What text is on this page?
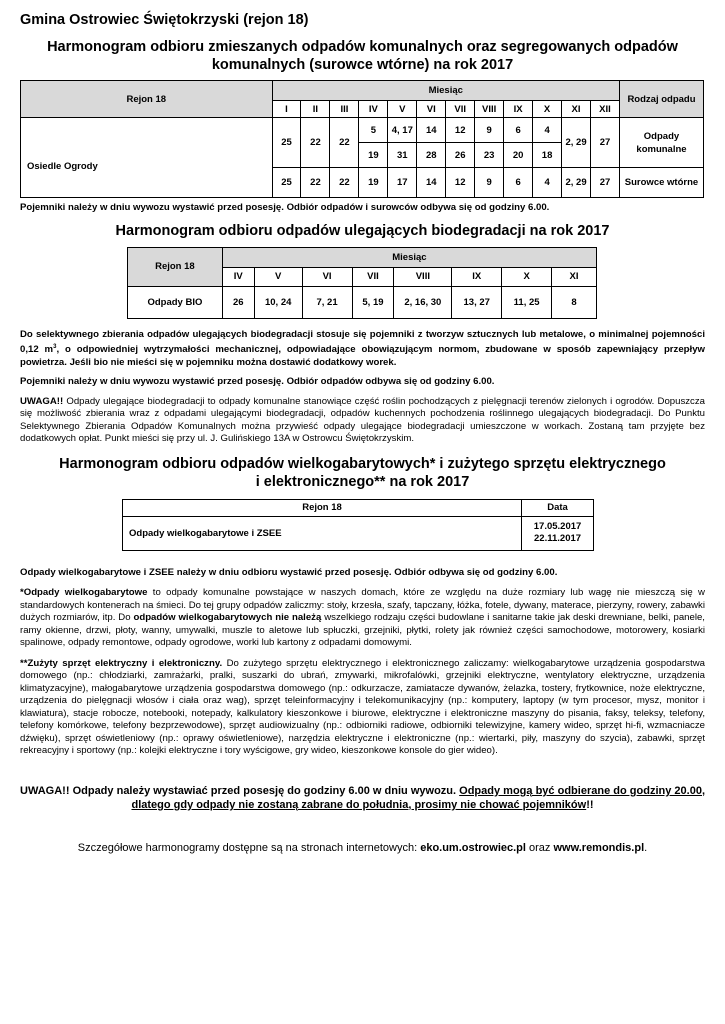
Gmina Ostrowiec Świętokrzyski (rejon 18)
Harmonogram odbioru zmieszanych odpadów komunalnych oraz segregowanych odpadów
komunalnych (surowce wtórne) na rok 2017
Rejon 18	Miesiąc												Rodzaj odpadu
	I	II	III	IV	V	VI	VII	VIII	IX	X	XI	XII	
Osiedle Ogrody	25	22	22	5	4, 17	14	12	9	6	4	2, 29	27	Odpady komunalne
				19	31	28	26	23	20	18			
	25	22	22	19	17	14	12	9	6	4	2, 29	27	Surowce wtórne

Pojemniki należy w dniu wywozu wystawić przed posesję. Odbiór odpadów i surowców odbywa się od godziny 6.00.

Harmonogram odbioru odpadów ulegających biodegradacji na rok 2017
Rejon 18	Miesiąc							
	IV	V	VI	VII	VIII	IX	X	XI
Odpady BIO	26	10, 24	7, 21	5, 19	2, 16, 30	13, 27	11, 25	8

Do selektywnego zbierania odpadów ulegających biodegradacji stosuje się pojemniki z tworzyw sztucznych lub metalowe, o minimalnej pojemności 0,12 $m^3$, o odpowiedniej wytrzymałości mechanicznej, odpowiadające obowiązującym normom, zbudowane w sposób zapewniający przepływ powietrza. Jeśli bio nie mieści się w pojemniku można dostawić dodatkowy worek.

Pojemniki należy w dniu wywozu wystawić przed posesję. Odbiór odpadów odbywa się od godziny 6.00.

UWAGA!! Odpady ulegające biodegradacji to odpady komunalne stanowiące część roślin pochodzących z pielęgnacji terenów zielonych i ogrodów. Dopuszcza się możliwość zbierania wraz z odpadami ulegającymi biodegradacji, odpadów kuchennych pochodzenia roślinnego ulegających biodegradacji. Do Punktu Selektywnego Zbierania Odpadów Komunalnych można przywieść odpady ulegające biodegradacji umieszczone w workach. Zostaną tam przyjęte bez dodatkowych opłat. Punkt mieści się przy ul. J. Gulińskiego 13A w Ostrowcu Świętokrzyskim.

Harmonogram odbioru odpadów wielkogabarytowych* i zużytego sprzętu elektrycznego
i elektronicznego** na rok 2017
Rejon 18	Data
Odpady wielkogabarytowe i ZSEE	17.05.2017
22.11.2017

Odpady wielkogabarytowe i ZSEE należy w dniu odbioru wystawić przed posesję. Odbiór odbywa się od godziny 6.00.

*Odpady wielkogabarytowe to odpady komunalne powstające w naszych domach, które ze względu na duże rozmiary lub wagę nie mieszczą się w standardowych kontenerach na śmieci. Do tej grupy odpadów zaliczmy: stoły, krzesła, szafy, tapczany, łóżka, fotele, dywany, materace, pierzyny, rowery, zabawki dużych rozmiarów, itp. Do odpadów wielkogabarytowych nie należą wszelkiego rodzaju części budowlane i sanitarne takie jak deski drewniane, belki, panele, ramy okienne, drzwi, płoty, wanny, umywalki, muszle to aletowe lub spłuczki, grzejniki, płytki, rolety jak również części samochodowe, motorowery, kosiarki spalinowe, odpady remontowe, odpady ogrodowe, worki lub kartony z odpadami domowymi.

**Zużyty sprzęt elektryczny i elektroniczny. Do zużytego sprzętu elektrycznego i elektronicznego zaliczamy: wielkogabarytowe urządzenia gospodarstwa domowego (np.: chłodziarki, zamrażarki, pralki, suszarki do ubrań, zmywarki, mikrofalówki, grzejniki elektryczne, wentylatory elektryczne, urządzenia klimatyzacyjne), małogabarytowe urządzenia gospodarstwa domowego (np.: odkurzacze, zamiatacze dywanów, żelazka, tostery, frytkownice, noże elektryczne, urządzenia do pielęgnacji włosów i ciała oraz wag), sprzęt teleinformacyjny i telekomunikacyjny (np.: komputery, laptopy (w tym procesor, mysz, monitor i klawiatura), stacje robocze, notebooki, notepady, kalkulatory kieszonkowe i biurowe, elektryczne i elektroniczne maszyny do pisania, faksy, teleksy, telefony, telefony komórkowe, telefony bezprzewodowe), sprzęt audiowizualny (np.: odbiorniki radiowe, odbiorniki telewizyjne, kamery wideo, sprzęt hi-fi, wzmacniacze dźwięku), sprzęt oświetleniowy (np.: oprawy oświetleniowe), narzędzia elektryczne i elektroniczne (np.: wiertarki, piły, maszyny do szycia), zabawki, sprzęt rekreacyjny i sportowy (np.: kolejki elektryczne i tory wyścigowe, gry wideo, kieszonkowe konsole do gier wideo).

UWAGA!! Odpady należy wystawiać przed posesję do godziny 6.00 w dniu wywozu. Odpady mogą być odbierane do godziny 20.00, dlatego gdy odpady nie zostaną zabrane do południa, prosimy nie chować pojemników!!

Szczegółowe harmonogramy dostępne są na stronach internetowych: eko.um.ostrowiec.pl oraz www.remondis.pl.
